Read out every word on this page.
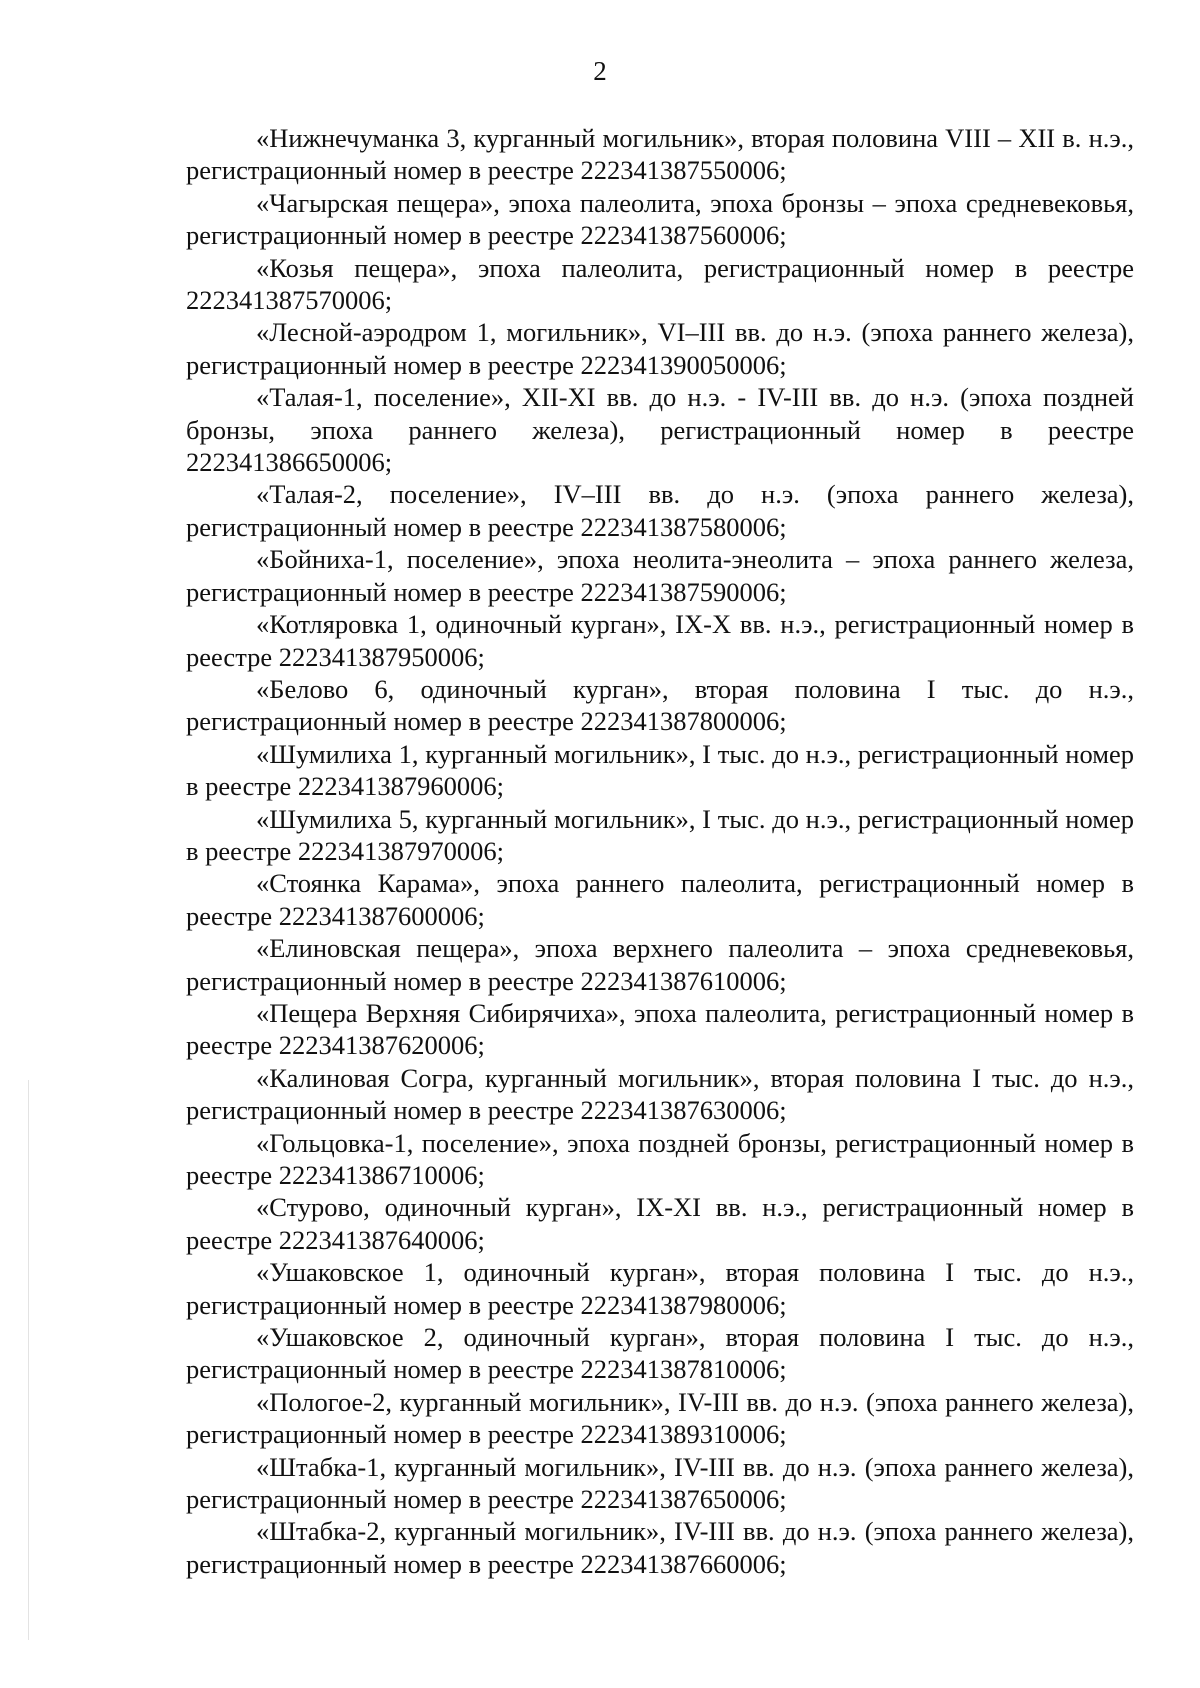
2

«Нижнечуманка 3, курганный могильник», вторая половина VIII – XII в. н.э., регистрационный номер в реестре 222341387550006;

«Чагырская пещера», эпоха палеолита, эпоха бронзы – эпоха средневековья, регистрационный номер в реестре 222341387560006;

«Козья пещера», эпоха палеолита, регистрационный номер в реестре 222341387570006;

«Лесной-аэродром 1, могильник», VI–III вв. до н.э. (эпоха раннего железа), регистрационный номер в реестре 222341390050006;

«Талая-1, поселение», XII-XI вв. до н.э. - IV-III вв. до н.э. (эпоха поздней бронзы, эпоха раннего железа), регистрационный номер в реестре 222341386650006;

«Талая-2, поселение», IV–III вв. до н.э. (эпоха раннего железа), регистрационный номер в реестре 222341387580006;

«Бойниха-1, поселение», эпоха неолита-энеолита – эпоха раннего железа, регистрационный номер в реестре 222341387590006;

«Котляровка 1, одиночный курган», IX-X вв. н.э., регистрационный номер в реестре 222341387950006;

«Белово 6, одиночный курган», вторая половина I тыс. до н.э., регистрационный номер в реестре 222341387800006;

«Шумилиха 1, курганный могильник», I тыс. до н.э., регистрационный номер в реестре 222341387960006;

«Шумилиха 5, курганный могильник», I тыс. до н.э., регистрационный номер в реестре 222341387970006;

«Стоянка Карама», эпоха раннего палеолита, регистрационный номер в реестре 222341387600006;

«Елиновская пещера», эпоха верхнего палеолита – эпоха средневековья, регистрационный номер в реестре 222341387610006;

«Пещера Верхняя Сибирячиха», эпоха палеолита, регистрационный номер в реестре 222341387620006;

«Калиновая Согра, курганный могильник», вторая половина I тыс. до н.э., регистрационный номер в реестре 222341387630006;

«Гольцовка-1, поселение», эпоха поздней бронзы, регистрационный номер в реестре 222341386710006;

«Стурово, одиночный курган», IX-XI вв. н.э., регистрационный номер в реестре 222341387640006;

«Ушаковское 1, одиночный курган», вторая половина I тыс. до н.э., регистрационный номер в реестре 222341387980006;

«Ушаковское 2, одиночный курган», вторая половина I тыс. до н.э., регистрационный номер в реестре 222341387810006;

«Пологое-2, курганный могильник», IV-III вв. до н.э. (эпоха раннего железа), регистрационный номер в реестре 222341389310006;

«Штабка-1, курганный могильник», IV-III вв. до н.э. (эпоха раннего железа), регистрационный номер в реестре 222341387650006;

«Штабка-2, курганный могильник», IV-III вв. до н.э. (эпоха раннего железа), регистрационный номер в реестре 222341387660006;
